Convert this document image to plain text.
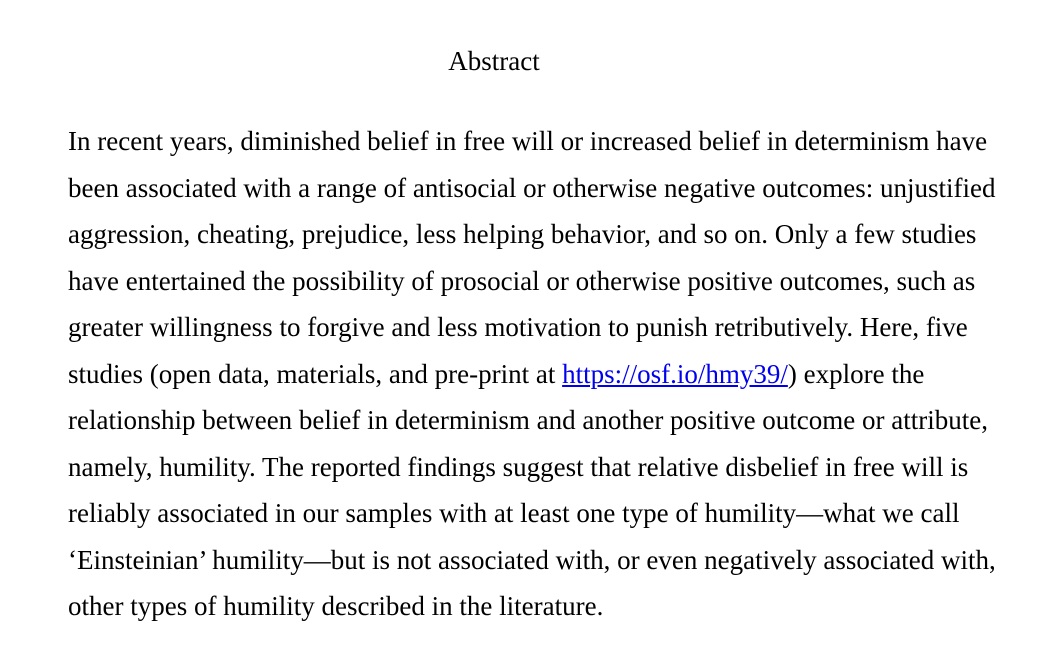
Abstract
In recent years, diminished belief in free will or increased belief in determinism have
been associated with a range of antisocial or otherwise negative outcomes: unjustified
aggression, cheating, prejudice, less helping behavior, and so on. Only a few studies
have entertained the possibility of prosocial or otherwise positive outcomes, such as
greater willingness to forgive and less motivation to punish retributively. Here, five
studies (open data, materials, and pre-print at https://osf.io/hmy39/) explore the
relationship between belief in determinism and another positive outcome or attribute,
namely, humility. The reported findings suggest that relative disbelief in free will is
reliably associated in our samples with at least one type of humility—what we call
‘Einsteinian’ humility—but is not associated with, or even negatively associated with,
other types of humility described in the literature.
